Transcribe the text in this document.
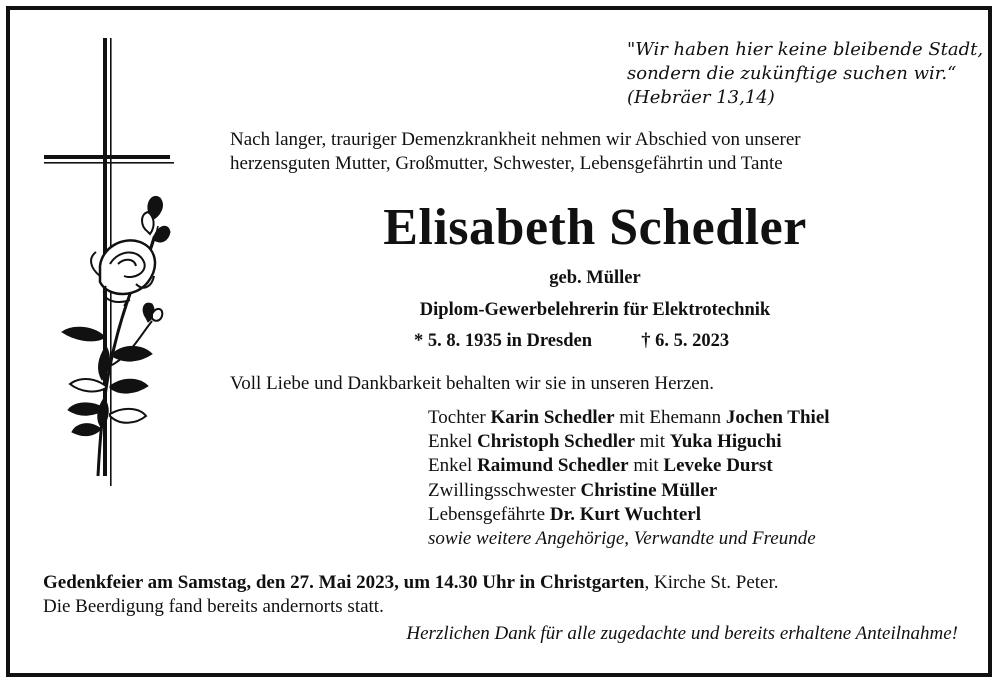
"Wir haben hier keine bleibende Stadt,
sondern die zukünftige suchen wir.“
(Hebräer 13,14)
Nach langer, trauriger Demenzkrankheit nehmen wir Abschied von unserer
herzensguten Mutter, Großmutter, Schwester, Lebensgefährtin und Tante
Elisabeth Schedler
geb. Müller
Diplom-Gewerbelehrerin für Elektrotechnik
* 5. 8. 1935 in Dresden	† 6. 5. 2023
Voll Liebe und Dankbarkeit behalten wir sie in unseren Herzen.
Tochter Karin Schedler mit Ehemann Jochen Thiel
Enkel Christoph Schedler mit Yuka Higuchi
Enkel Raimund Schedler mit Leveke Durst
Zwillingsschwester Christine Müller
Lebensgefährte Dr. Kurt Wuchterl
sowie weitere Angehörige, Verwandte und Freunde
Gedenkfeier am Samstag, den 27. Mai 2023, um 14.30 Uhr in Christgarten, Kirche St. Peter.
Die Beerdigung fand bereits andernorts statt.
Herzlichen Dank für alle zugedachte und bereits erhaltene Anteilnahme!
